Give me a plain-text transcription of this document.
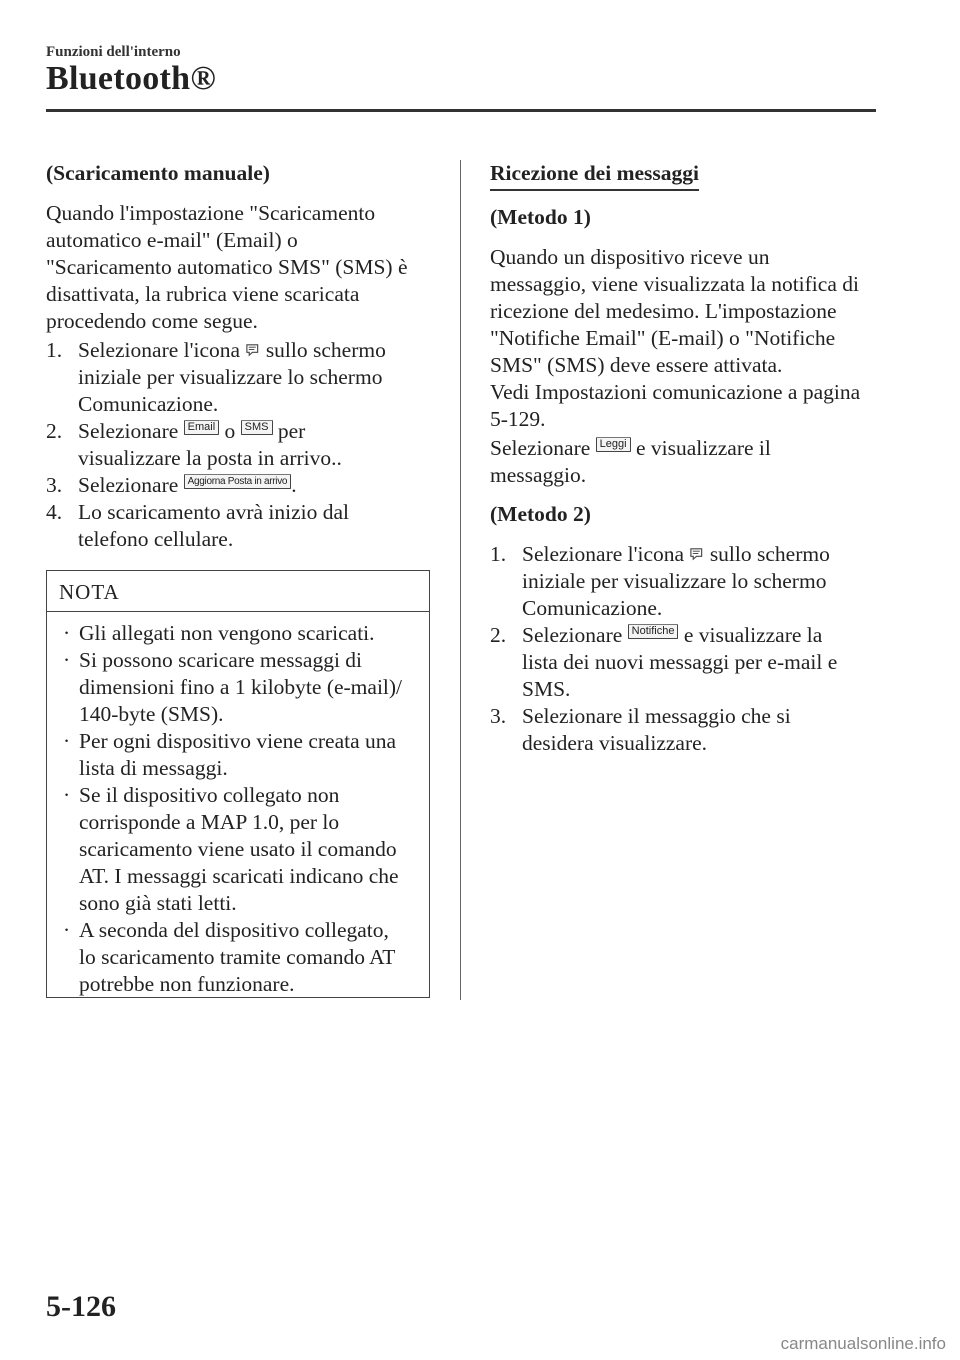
Funzioni dell'interno
Bluetooth®

(Scaricamento manuale)

Quando l'impostazione "Scaricamento
automatico e-mail" (Email) o
"Scaricamento automatico SMS" (SMS) è
disattivata, la rubrica viene scaricata
procedendo come segue.
1. Selezionare l'icona sullo schermo
iniziale per visualizzare lo schermo
Comunicazione.
2. Selezionare Email o SMS per
visualizzare la posta in arrivo..
3. Selezionare Aggiorna Posta in arrivo .
4. Lo scaricamento avrà inizio dal
telefono cellulare.
NOTA
· Gli allegati non vengono scaricati.
· Si possono scaricare messaggi di
dimensioni fino a 1 kilobyte (e-mail)/
140-byte (SMS).
· Per ogni dispositivo viene creata una
lista di messaggi.
· Se il dispositivo collegato non
corrisponde a MAP 1.0, per lo
scaricamento viene usato il comando
AT. I messaggi scaricati indicano che
sono già stati letti.
· A seconda del dispositivo collegato,
lo scaricamento tramite comando AT
potrebbe non funzionare.

Ricezione dei messaggi

(Metodo 1)

Quando un dispositivo riceve un
messaggio, viene visualizzata la notifica di
ricezione del medesimo. L'impostazione
"Notifiche Email" (E-mail) o "Notifiche
SMS" (SMS) deve essere attivata.
Vedi Impostazioni comunicazione a pagina
5-129.
Selezionare Leggi e visualizzare il
messaggio.

(Metodo 2)

1. Selezionare l'icona sullo schermo
iniziale per visualizzare lo schermo
Comunicazione.
2. Selezionare Notifiche e visualizzare la
lista dei nuovi messaggi per e-mail e
SMS.
3. Selezionare il messaggio che si
desidera visualizzare.
5-126
carmanualsonline.info
